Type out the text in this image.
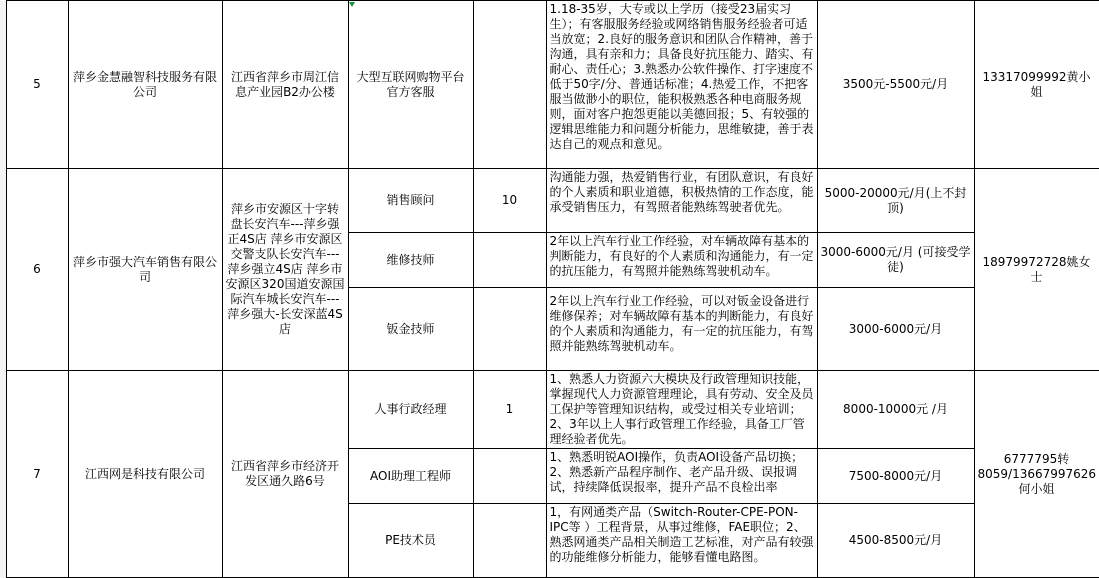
	5	萍乡金慧融智科技服务有限公司	江西省萍乡市周江信息产业园B2办公楼	大型互联网购物平台官方客服		1.18-35岁，大专或以上学历（接受23届实习生）；有客服服务经验或网络销售服务经验者可适当放宽；2.良好的服务意识和团队合作精神，善于沟通，具有亲和力；具备良好抗压能力、踏实、有耐心、责任心；3.熟悉办公软件操作、打字速度不低于50字/分、普通话标准；4.热爱工作，不把客服当做渺小的职位，能积极熟悉各种电商服务规则，面对客户抱怨更能以美德回报；5、有较强的逻辑思维能力和问题分析能力，思维敏捷，善于表达自己的观点和意见。	3500元-5500元/月	13317099992黄小姐
	6	萍乡市强大汽车销售有限公司	萍乡市安源区十字转盘长安汽车---萍乡强正4S店 萍乡市安源区交警支队长安汽车---萍乡强立4S店 萍乡市安源区320国道安源国际汽车城长安汽车---萍乡强大-长安深蓝4S店	销售顾问	10	沟通能力强，热爱销售行业，有团队意识，有良好的个人素质和职业道德，积极热情的工作态度，能承受销售压力，有驾照者能熟练驾驶者优先。	5000-20000元/月(上不封顶)	18979972728姚女士
				维修技师		2年以上汽车行业工作经验，对车辆故障有基本的判断能力，有良好的个人素质和沟通能力，有一定的抗压能力，有驾照并能熟练驾驶机动车。	3000-6000元/月 (可接受学徒)	
				钣金技师		2年以上汽车行业工作经验，可以对钣金设备进行维修保养；对车辆故障有基本的判断能力，有良好的个人素质和沟通能力，有一定的抗压能力，有驾照并能熟练驾驶机动车。	3000-6000元/月	
	7	江西网是科技有限公司	江西省萍乡市经济开发区通久路6号	人事行政经理	1	1、熟悉人力资源六大模块及行政管理知识技能，掌握现代人力资源管理理论，具有劳动、安全及员工保护等管理知识结构，或受过相关专业培训；2、3年以上人事行政管理工作经验，具备工厂管理经验者优先。	8000-10000元 /月	6777795转8059/13667997626何小姐
				AOI助理工程师		1、熟悉明锐AOI操作，负责AOI设备产品切换；2、熟悉新产品程序制作、老产品升级、误报调试，持续降低误报率，提升产品不良检出率	7500-8000元/月	
				PE技术员		1，有网通类产品（Switch-Router-CPE-PON-IPC等 ）工程背景，从事过维修，FAE职位；2、熟悉网通类产品相关制造工艺标准，对产品有较强的功能维修分析能力，能够看懂电路图。	4500-8500元/月	
